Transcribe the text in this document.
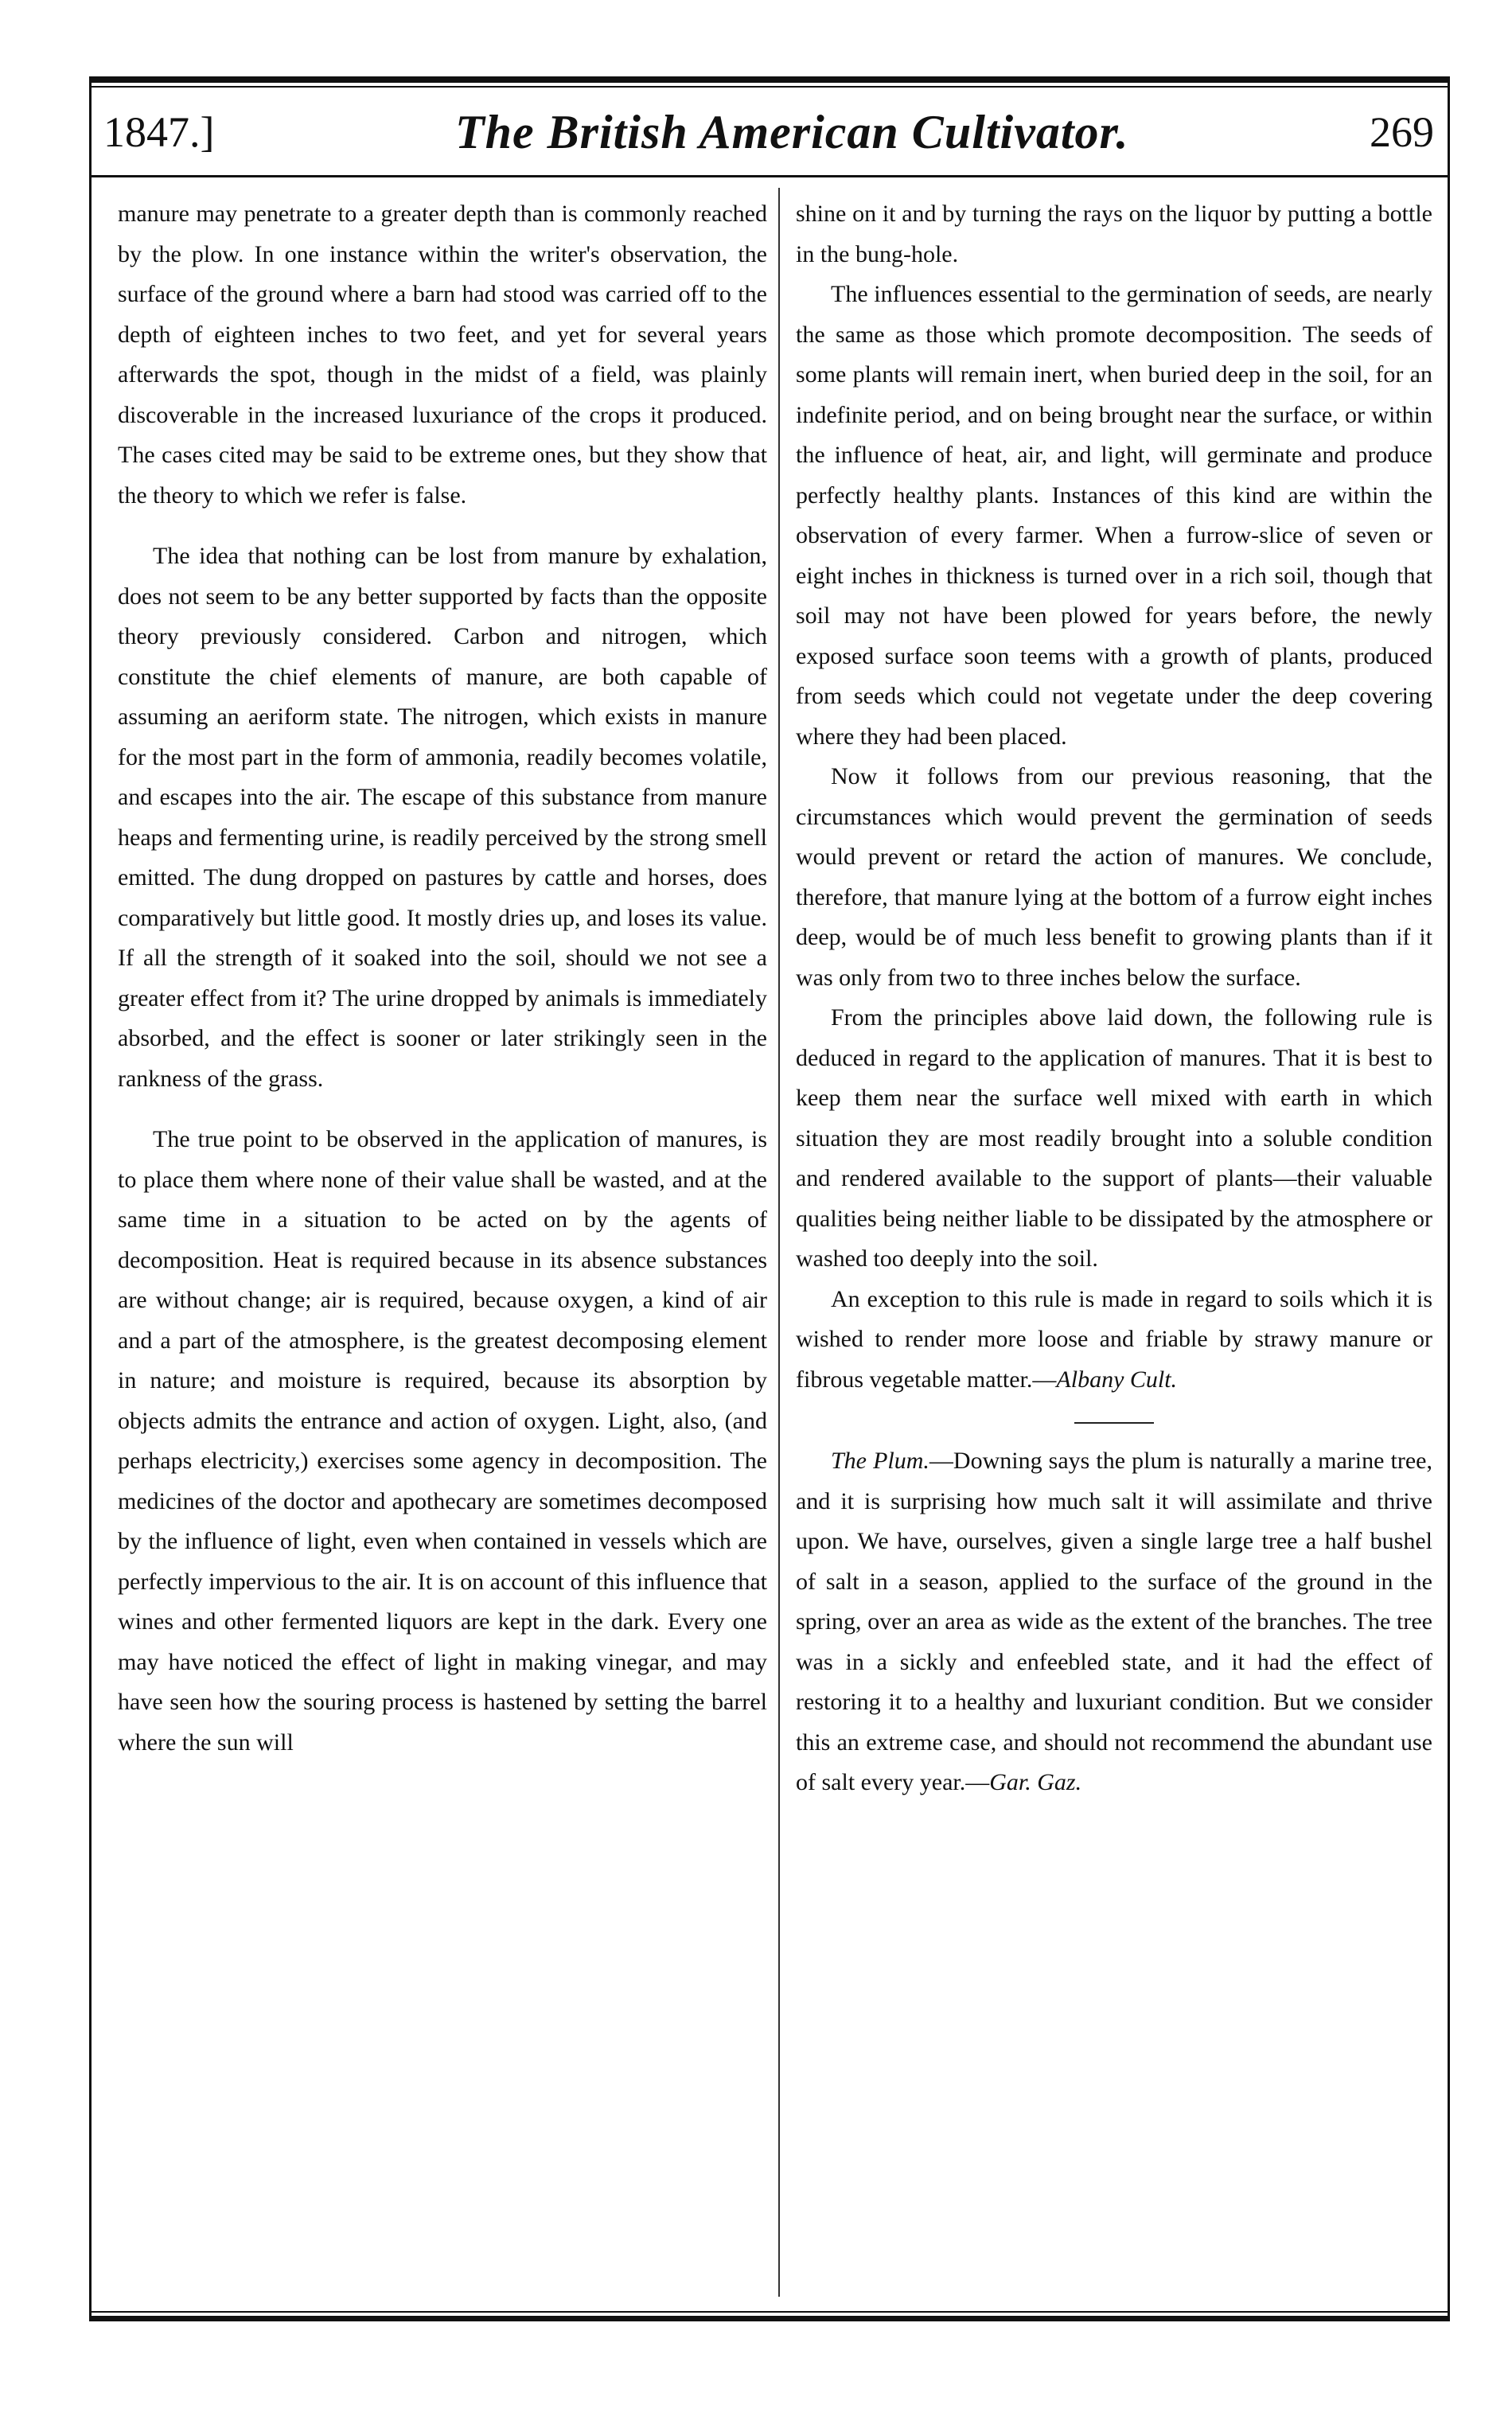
1847.]	The British American Cultivator.	269

manure may penetrate to a greater depth than is commonly reached by the plow. In one instance within the writer's observation, the surface of the ground where a barn had stood was carried off to the depth of eighteen inches to two feet, and yet for several years afterwards the spot, though in the midst of a field, was plainly discoverable in the increased luxuriance of the crops it produced. The cases cited may be said to be extreme ones, but they show that the theory to which we refer is false.

The idea that nothing can be lost from manure by exhalation, does not seem to be any better supported by facts than the opposite theory previously considered. Carbon and nitrogen, which constitute the chief elements of manure, are both capable of assuming an aeriform state. The nitrogen, which exists in manure for the most part in the form of ammonia, readily becomes volatile, and escapes into the air. The escape of this substance from manure heaps and fermenting urine, is readily perceived by the strong smell emitted. The dung dropped on pastures by cattle and horses, does comparatively but little good. It mostly dries up, and loses its value. If all the strength of it soaked into the soil, should we not see a greater effect from it? The urine dropped by animals is immediately absorbed, and the effect is sooner or later strikingly seen in the rankness of the grass.

The true point to be observed in the application of manures, is to place them where none of their value shall be wasted, and at the same time in a situation to be acted on by the agents of decomposition. Heat is required because in its absence substances are without change; air is required, because oxygen, a kind of air and a part of the atmosphere, is the greatest decomposing element in nature; and moisture is required, because its absorption by objects admits the entrance and action of oxygen. Light, also, (and perhaps electricity,) exercises some agency in decomposition. The medicines of the doctor and apothecary are sometimes decomposed by the influence of light, even when contained in vessels which are perfectly impervious to the air. It is on account of this influence that wines and other fermented liquors are kept in the dark. Every one may have noticed the effect of light in making vinegar, and may have seen how the souring process is hastened by setting the barrel where the sun will

shine on it and by turning the rays on the liquor by putting a bottle in the bung-hole.

The influences essential to the germination of seeds, are nearly the same as those which promote decomposition. The seeds of some plants will remain inert, when buried deep in the soil, for an indefinite period, and on being brought near the surface, or within the influence of heat, air, and light, will germinate and produce perfectly healthy plants. Instances of this kind are within the observation of every farmer. When a furrow-slice of seven or eight inches in thickness is turned over in a rich soil, though that soil may not have been plowed for years before, the newly exposed surface soon teems with a growth of plants, produced from seeds which could not vegetate under the deep covering where they had been placed.

Now it follows from our previous reasoning, that the circumstances which would prevent the germination of seeds would prevent or retard the action of manures. We conclude, therefore, that manure lying at the bottom of a furrow eight inches deep, would be of much less benefit to growing plants than if it was only from two to three inches below the surface.

From the principles above laid down, the following rule is deduced in regard to the application of manures. That it is best to keep them near the surface well mixed with earth in which situation they are most readily brought into a soluble condition and rendered available to the support of plants—their valuable qualities being neither liable to be dissipated by the atmosphere or washed too deeply into the soil.

An exception to this rule is made in regard to soils which it is wished to render more loose and friable by strawy manure or fibrous vegetable matter.—Albany Cult.

The Plum.—Downing says the plum is naturally a marine tree, and it is surprising how much salt it will assimilate and thrive upon. We have, ourselves, given a single large tree a half bushel of salt in a season, applied to the surface of the ground in the spring, over an area as wide as the extent of the branches. The tree was in a sickly and enfeebled state, and it had the effect of restoring it to a healthy and luxuriant condition. But we consider this an extreme case, and should not recommend the abundant use of salt every year.—Gar. Gaz.
